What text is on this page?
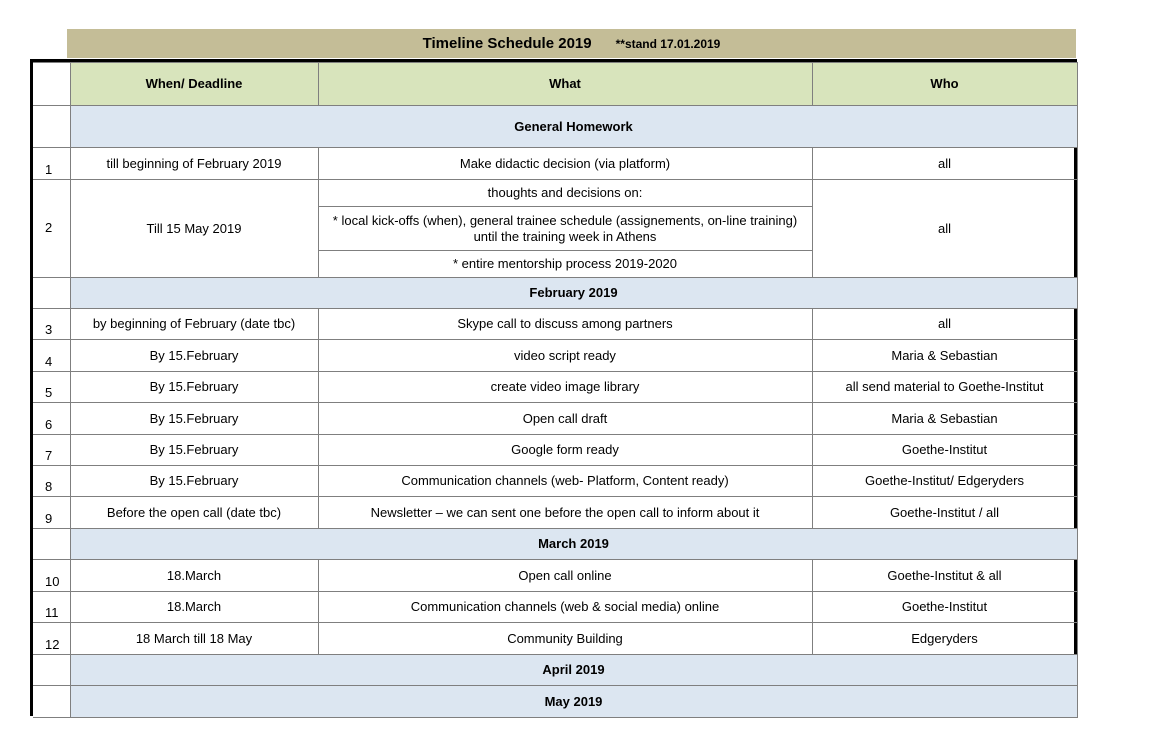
Timeline Schedule 2019 **stand 17.01.2019
	When/ Deadline	What	Who
	General Homework		
1	till beginning of February 2019	Make didactic decision (via platform)	all
2	Till 15 May 2019	thoughts and decisions on:	all
		* local kick-offs (when), general trainee schedule (assignements, on-line training) until the training week in Athens	
		* entire mentorship process 2019-2020	
	February 2019		
3	by beginning of February (date tbc)	Skype call to discuss among partners	all
4	By 15.February	video script ready	Maria & Sebastian
5	By 15.February	create video image library	all send material to Goethe-Institut
6	By 15.February	Open call draft	Maria & Sebastian
7	By 15.February	Google form ready	Goethe-Institut
8	By 15.February	Communication channels (web- Platform, Content ready)	Goethe-Institut/ Edgeryders
9	Before the open call (date tbc)	Newsletter – we can sent one before the open call to inform about it	Goethe-Institut / all
	March 2019		
10	18.March	Open call online	Goethe-Institut & all
11	18.March	Communication channels (web & social media) online	Goethe-Institut
12	18 March till 18 May	Community Building	Edgeryders
	April 2019		
	May 2019		
